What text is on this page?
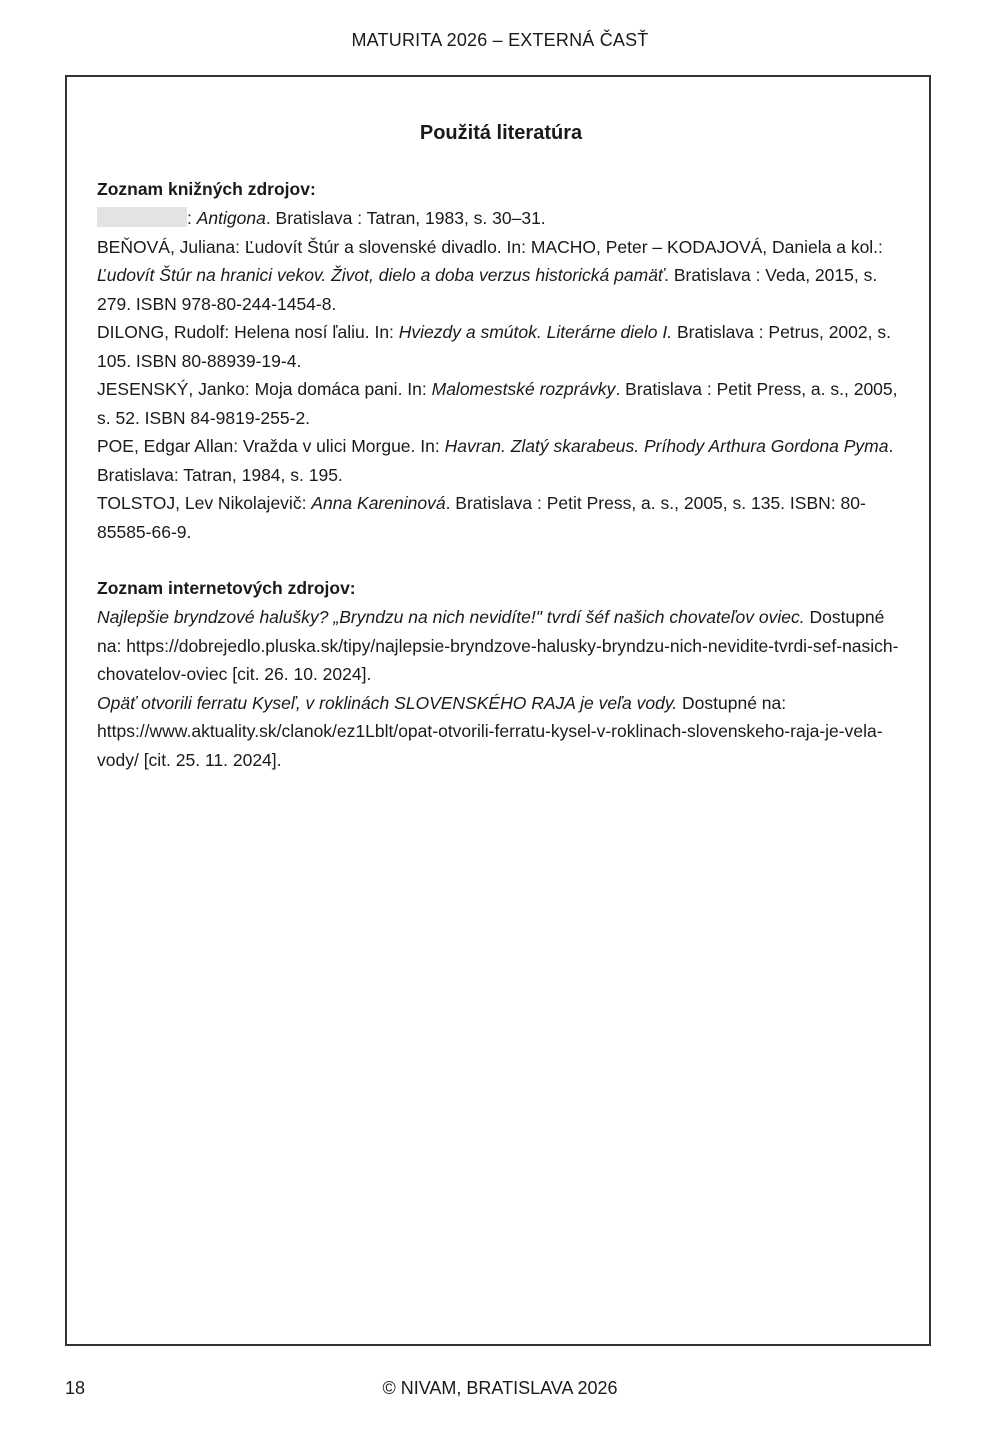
MATURITA 2026 – EXTERNÁ ČASŤ
Použitá literatúra
Zoznam knižných zdrojov:

: Antigona. Bratislava : Tatran, 1983, s. 30–31.

BEŇOVÁ, Juliana: Ľudovít Štúr a slovenské divadlo. In: MACHO, Peter – KODAJOVÁ, Daniela a kol.: Ľudovít Štúr na hranici vekov. Život, dielo a doba verzus historická pamäť. Bratislava : Veda, 2015, s. 279. ISBN 978-80-244-1454-8.

DILONG, Rudolf: Helena nosí ľaliu. In: Hviezdy a smútok. Literárne dielo I. Bratislava : Petrus, 2002, s. 105. ISBN 80-88939-19-4.

JESENSKÝ, Janko: Moja domáca pani. In: Malomestské rozprávky. Bratislava : Petit Press, a. s., 2005, s. 52. ISBN 84-9819-255-2.

POE, Edgar Allan: Vražda v ulici Morgue. In: Havran. Zlatý skarabeus. Príhody Arthura Gordona Pyma. Bratislava: Tatran, 1984, s. 195.

TOLSTOJ, Lev Nikolajevič: Anna Kareninová. Bratislava : Petit Press, a. s., 2005, s. 135. ISBN: 80-85585-66-9.

Zoznam internetových zdrojov:

Najlepšie bryndzové halušky? „Bryndzu na nich nevidíte!" tvrdí šéf našich chovateľov oviec. Dostupné na: https://dobrejedlo.pluska.sk/tipy/najlepsie-bryndzove-halusky-bryndzu-nich-nevidite-tvrdi-sef-nasich-chovatelov-oviec [cit. 26. 10. 2024].

Opäť otvorili ferratu Kyseľ, v roklinách SLOVENSKÉHO RAJA je veľa vody. Dostupné na: https://www.aktuality.sk/clanok/ez1Lblt/opat-otvorili-ferratu-kysel-v-roklinach-slovenskeho-raja-je-vela-vody/ [cit. 25. 11. 2024].

18	© NIVAM, BRATISLAVA 2026
